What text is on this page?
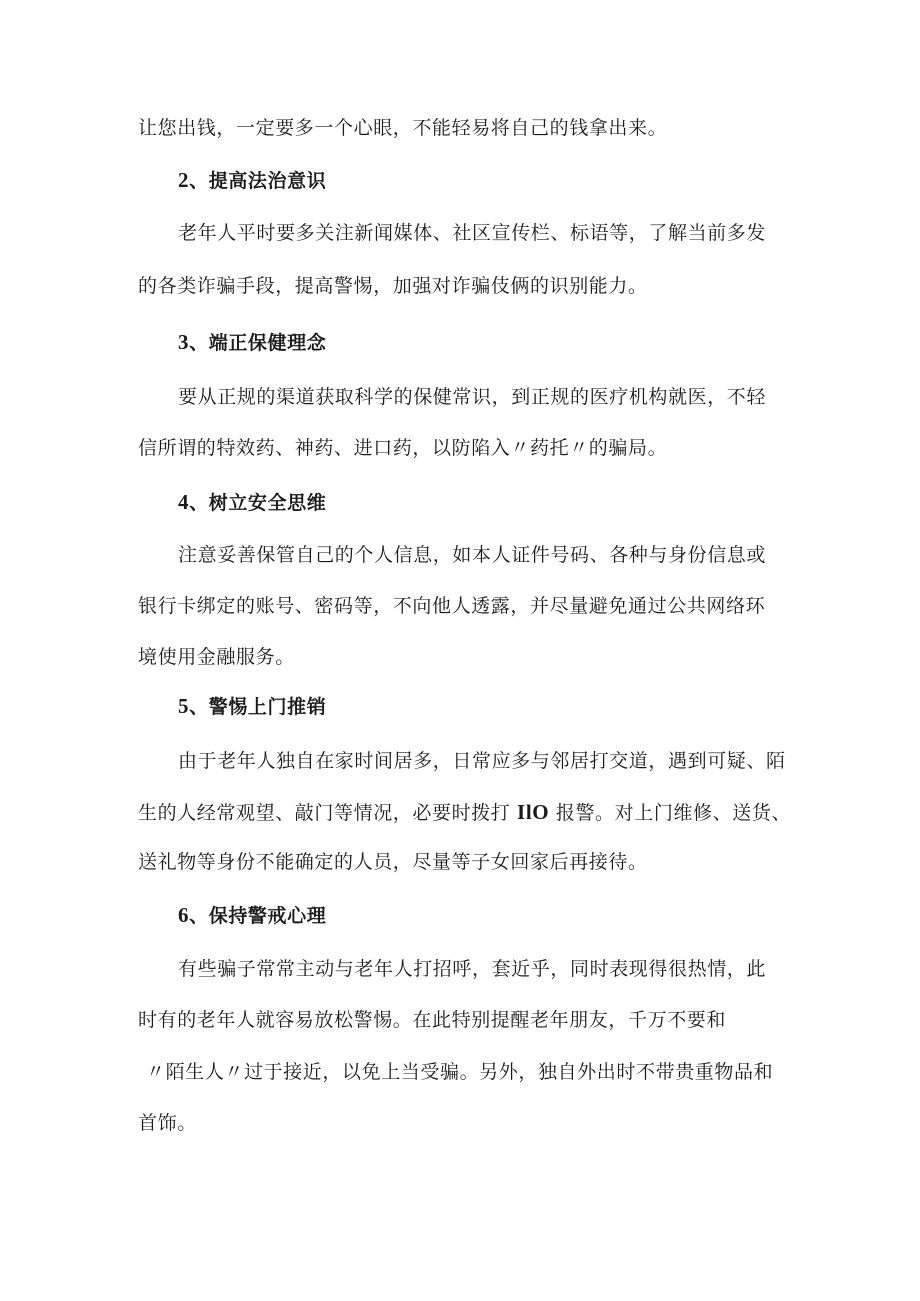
让您出钱，一定要多一个心眼，不能轻易将自己的钱拿出来。
2、提高法治意识
老年人平时要多关注新闻媒体、社区宣传栏、标语等，了解当前多发
的各类诈骗手段，提高警惕，加强对诈骗伎俩的识别能力。
3、端正保健理念
要从正规的渠道获取科学的保健常识，到正规的医疗机构就医，不轻
信所谓的特效药、神药、进口药，以防陷入〃药托〃的骗局。
4、树立安全思维
注意妥善保管自己的个人信息，如本人证件号码、各种与身份信息或
银行卡绑定的账号、密码等，不向他人透露，并尽量避免通过公共网络环
境使用金融服务。
5、警惕上门推销
由于老年人独自在家时间居多，日常应多与邻居打交道，遇到可疑、陌
生的人经常观望、敲门等情况，必要时拨打 IlO 报警。对上门维修、送货、
送礼物等身份不能确定的人员，尽量等子女回家后再接待。
6、保持警戒心理
有些骗子常常主动与老年人打招呼，套近乎，同时表现得很热情，此
时有的老年人就容易放松警惕。在此特别提醒老年朋友，千万不要和
〃陌生人〃过于接近，以免上当受骗。另外，独自外出时不带贵重物品和
首饰。
